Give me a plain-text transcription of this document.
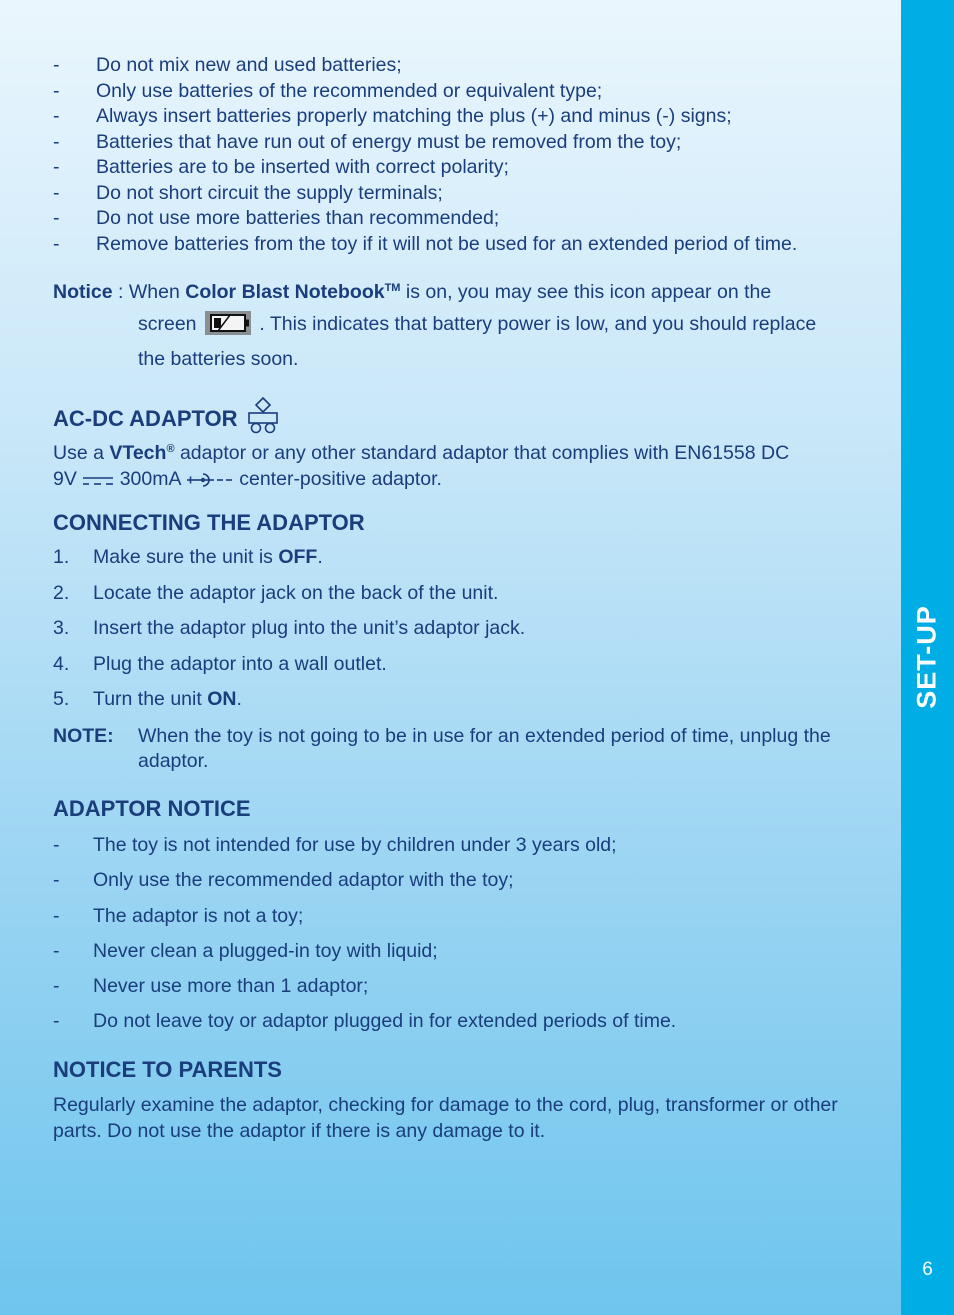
- Do not mix new and used batteries;
- Only use batteries of the recommended or equivalent type;
- Always insert batteries properly matching the plus (+) and minus (-) signs;
- Batteries that have run out of energy must be removed from the toy;
- Batteries are to be inserted with correct polarity;
- Do not short circuit the supply terminals;
- Do not use more batteries than recommended;
- Remove batteries from the toy if it will not be used for an extended period of time.
Notice : When Color Blast Notebook™ is on, you may see this icon appear on the
screen	. This indicates that battery power is low, and you should replace
the batteries soon.
AC-DC ADAPTOR
Use a VTech® adaptor or any other standard adaptor that complies with EN61558 DC
9V  300mA  center-positive adaptor.
CONNECTING THE ADAPTOR
1. Make sure the unit is OFF.
2. Locate the adaptor jack on the back of the unit.
3. Insert the adaptor plug into the unit’s adaptor jack.
4. Plug the adaptor into a wall outlet.
5. Turn the unit ON.
NOTE: When the toy is not going to be in use for an extended period of time, unplug the adaptor.
ADAPTOR NOTICE
- The toy is not intended for use by children under 3 years old;
- Only use the recommended adaptor with the toy;
- The adaptor is not a toy;
- Never clean a plugged-in toy with liquid;
- Never use more than 1 adaptor;
- Do not leave toy or adaptor plugged in for extended periods of time.
NOTICE TO PARENTS
Regularly examine the adaptor, checking for damage to the cord, plug, transformer or other parts. Do not use the adaptor if there is any damage to it.
SET-UP
6
